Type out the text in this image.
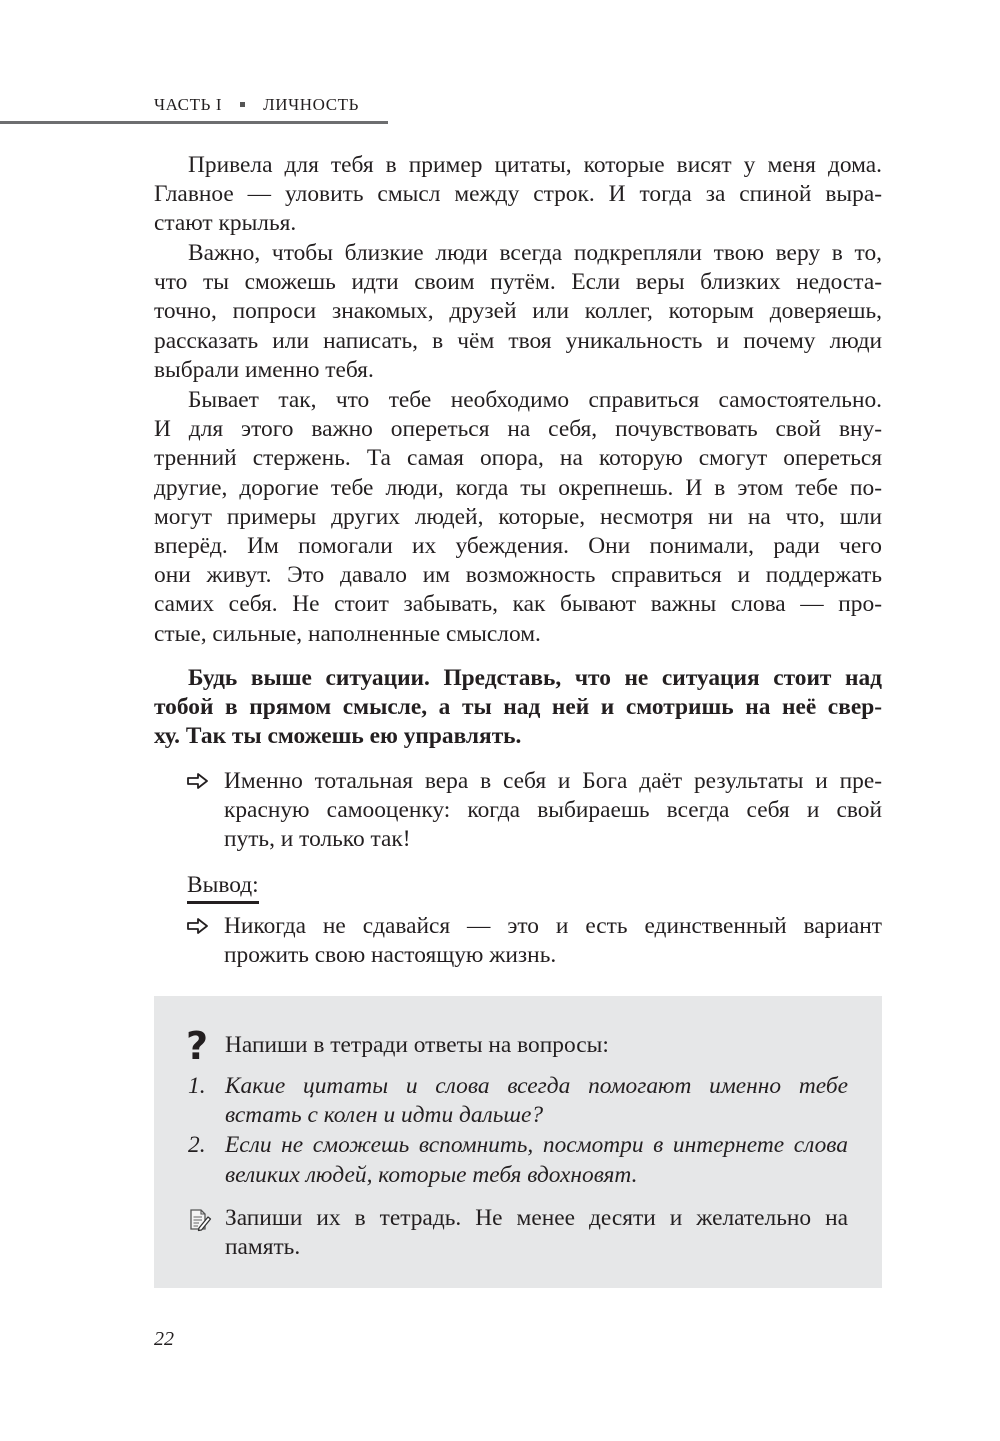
ЧАСТЬ I ЛИЧНОСТЬ
Привела для тебя в пример цитаты, которые висят у меня дома.
Главное — уловить смысл между строк. И тогда за спиной выра-
стают крылья.
Важно, чтобы близкие люди всегда подкрепляли твою веру в то,
что ты сможешь идти своим путём. Если веры близких недоста-
точно, попроси знакомых, друзей или коллег, которым доверяешь,
рассказать или написать, в чём твоя уникальность и почему люди
выбрали именно тебя.
Бывает так, что тебе необходимо справиться самостоятельно.
И для этого важно опереться на себя, почувствовать свой вну-
тренний стержень. Та самая опора, на которую смогут опереться
другие, дорогие тебе люди, когда ты окрепнешь. И в этом тебе по-
могут примеры других людей, которые, несмотря ни на что, шли
вперёд. Им помогали их убеждения. Они понимали, ради чего
они живут. Это давало им возможность справиться и поддержать
самих себя. Не стоит забывать, как бывают важны слова — про-
стые, сильные, наполненные смыслом.
Будь выше ситуации. Представь, что не ситуация стоит над
тобой в прямом смысле, а ты над ней и смотришь на неё свер-
ху. Так ты сможешь ею управлять.
Именно тотальная вера в себя и Бога даёт результаты и пре-
красную самооценку: когда выбираешь всегда себя и свой
путь, и только так!
Вывод:
Никогда не сдавайся — это и есть единственный вариант
прожить свою настоящую жизнь.
? Напиши в тетради ответы на вопросы:
1. Какие цитаты и слова всегда помогают именно тебе
встать с колен и идти дальше?
2. Если не сможешь вспомнить, посмотри в интернете слова
великих людей, которые тебя вдохновят.
Запиши их в тетрадь. Не менее десяти и желательно на
память.
22
